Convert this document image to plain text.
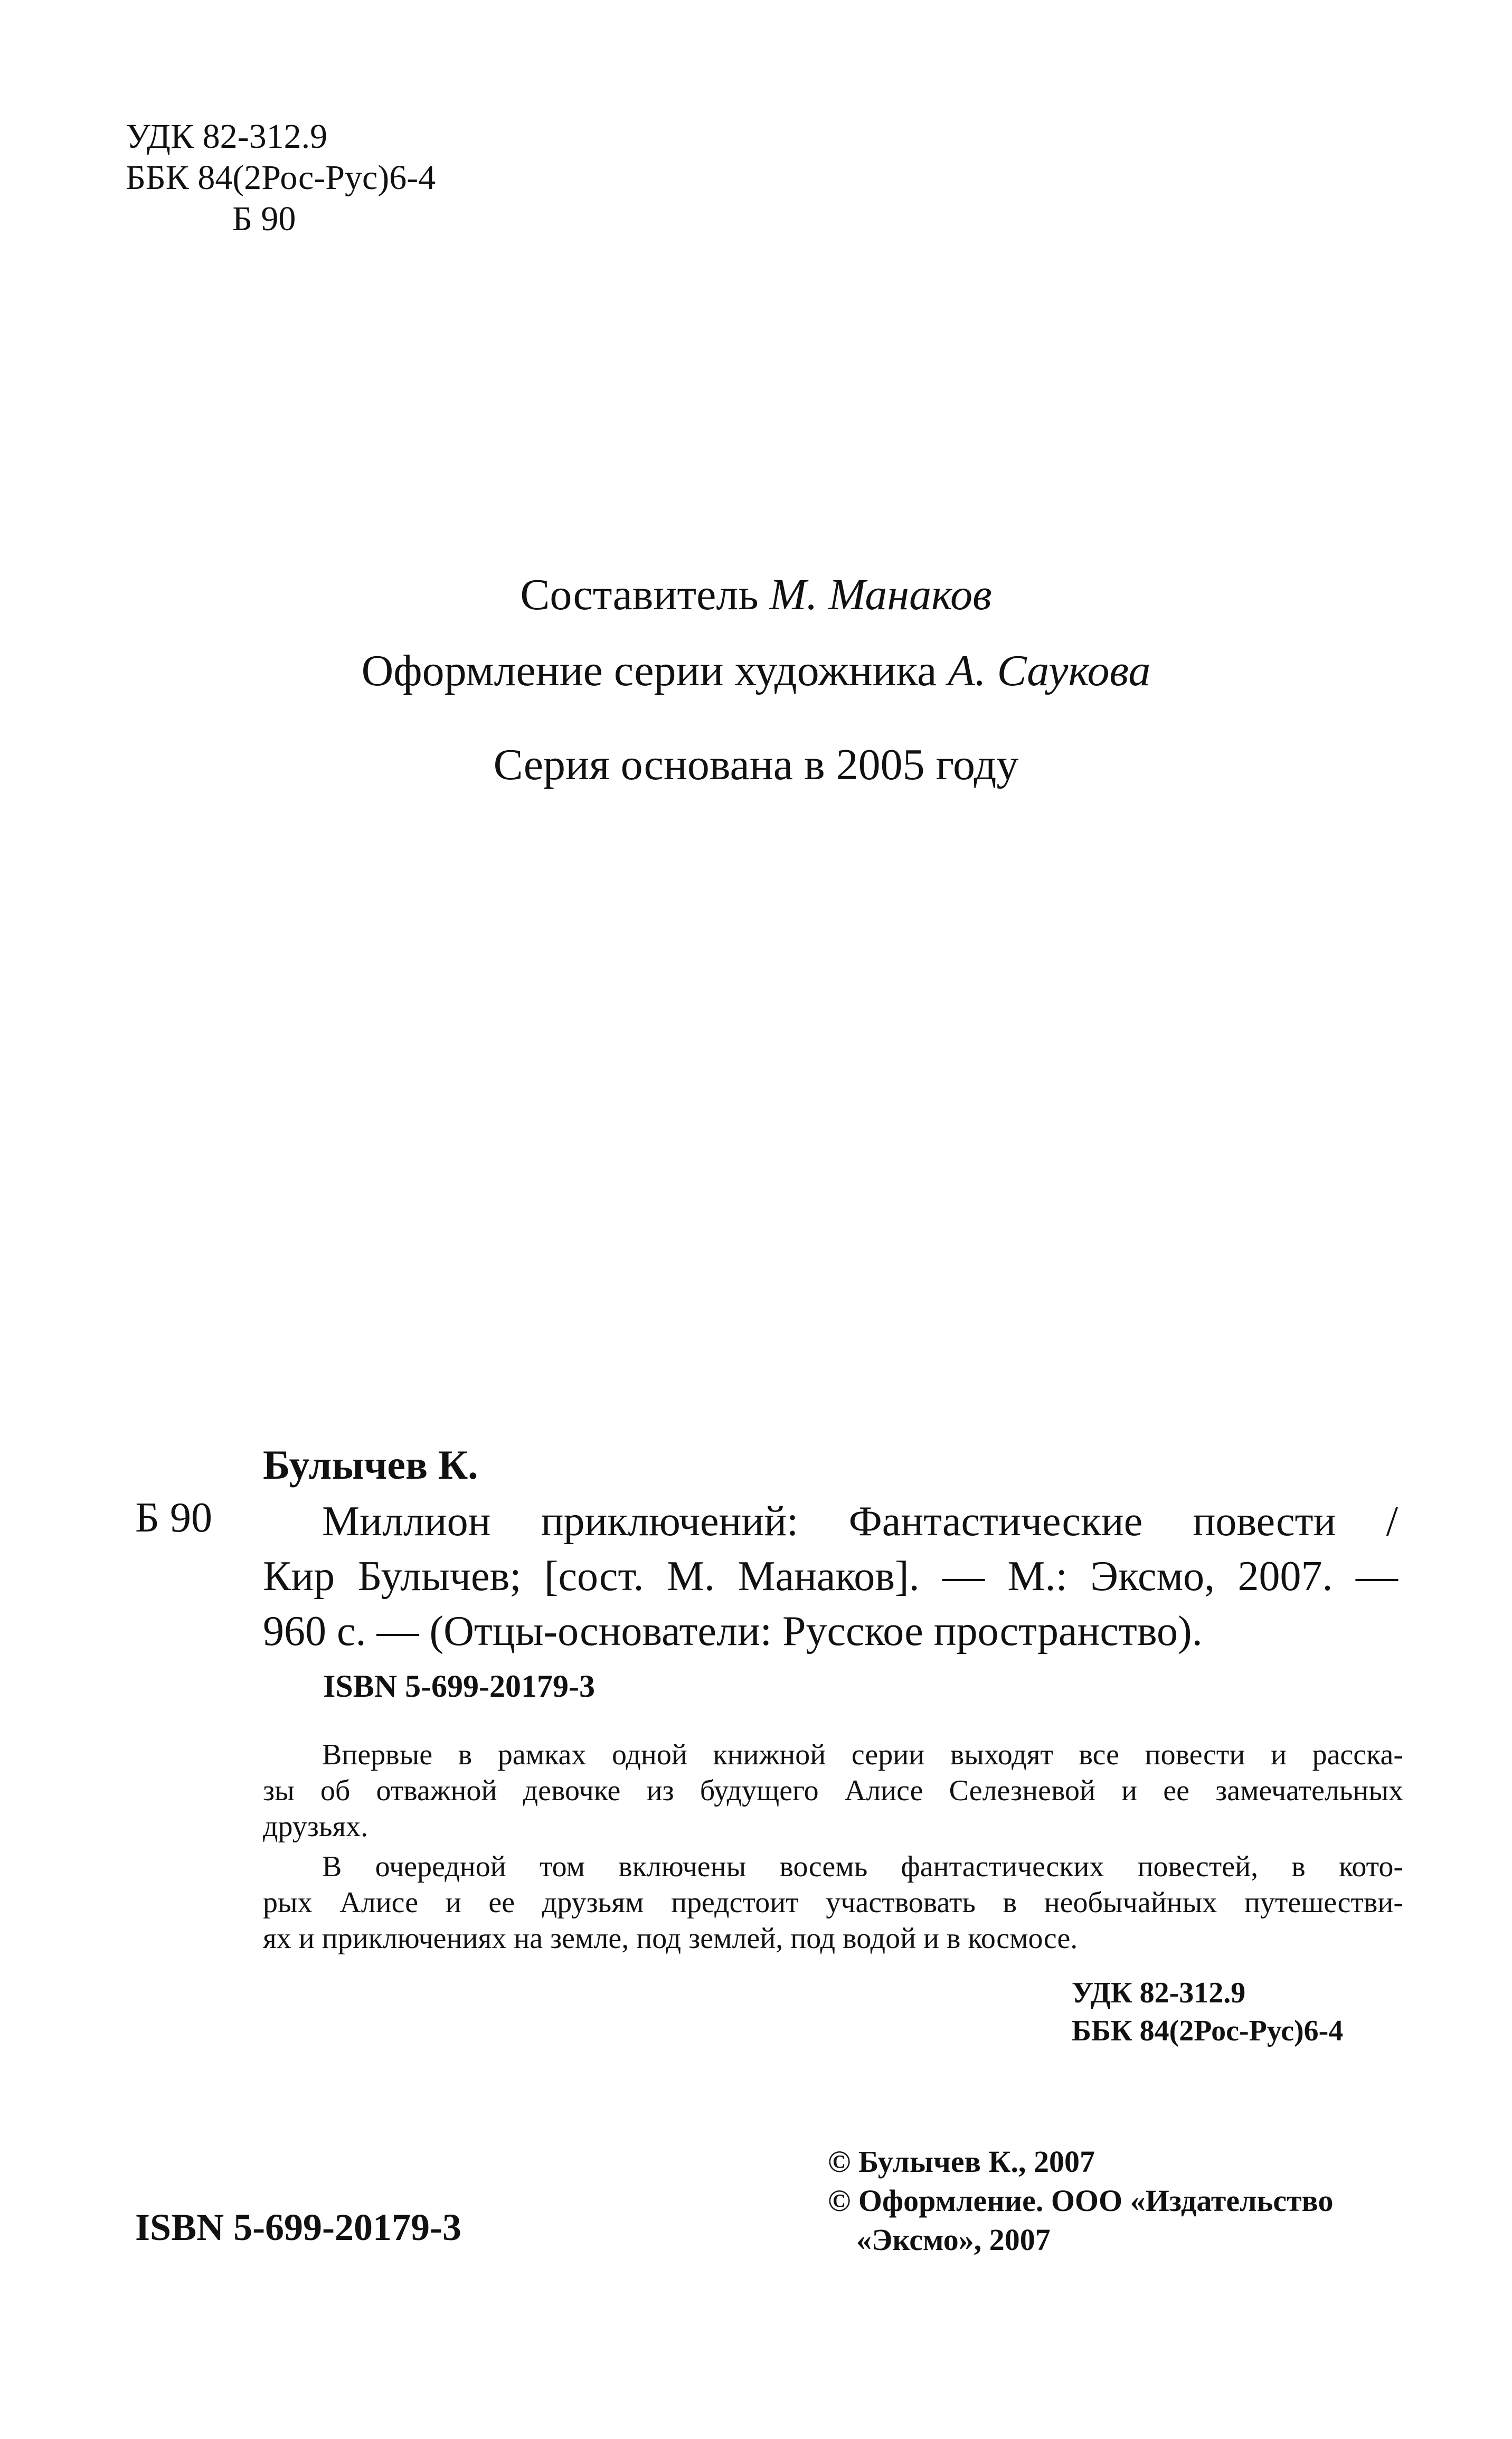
УДК 82-312.9
ББК 84(2Рос-Рус)6-4
Б 90
Составитель М. Манаков
Оформление серии художника А. Саукова
Серия основана в 2005 году
Булычев К.
Б 90	Миллион приключений: Фантастические повести /
Кир Булычев; [сост. М. Манаков]. — М.: Эксмо, 2007. —
960 с. — (Отцы-основатели: Русское пространство).
ISBN 5-699-20179-3
Впервые в рамках одной книжной серии выходят все повести и расска-
зы об отважной девочке из будущего Алисе Селезневой и ее замечательных
друзьях.
В очередной том включены восемь фантастических повестей, в кото-
рых Алисе и ее друзьям предстоит участвовать в необычайных путешестви-
ях и приключениях на земле, под землей, под водой и в космосе.
УДК 82-312.9
ББК 84(2Рос-Рус)6-4
ISBN 5-699-20179-3
© Булычев К., 2007
© Оформление. ООО «Издательство
«Эксмо», 2007
